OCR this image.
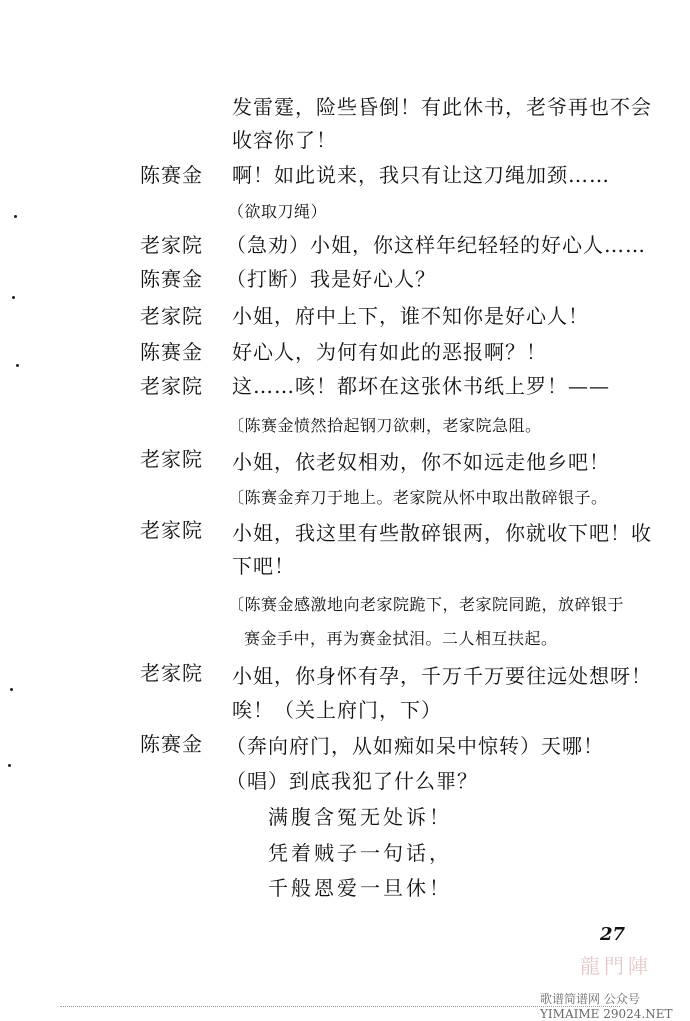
27
龍門陣
歌谱简谱网 公众号YIMAIME 29024.NET
发雷霆，险些昏倒！有此休书，老爷再也不会
收容你了！
陈赛金 啊！如此说来，我只有让这刀绳加颈……
（欲取刀绳）
老家院 （急劝）小姐，你这样年纪轻轻的好心人……
陈赛金 （打断）我是好心人？
老家院 小姐，府中上下，谁不知你是好心人！
陈赛金 好心人，为何有如此的恶报啊？！
老家院 这……咳！都坏在这张休书纸上罗！——
〔陈赛金愤然拾起钢刀欲刺，老家院急阻。
老家院 小姐，依老奴相劝，你不如远走他乡吧！
〔陈赛金弃刀于地上。老家院从怀中取出散碎银子。
老家院 小姐，我这里有些散碎银两，你就收下吧！收
下吧！
〔陈赛金感激地向老家院跪下，老家院同跪，放碎银于
赛金手中，再为赛金拭泪。二人相互扶起。
老家院 小姐，你身怀有孕，千万千万要往远处想呀！
唉！（关上府门，下）
陈赛金 （奔向府门，从如痴如呆中惊转）天哪！
（唱）到底我犯了什么罪？
满腹含冤无处诉！
凭着贼子一句话，
千般恩爱一旦休！
